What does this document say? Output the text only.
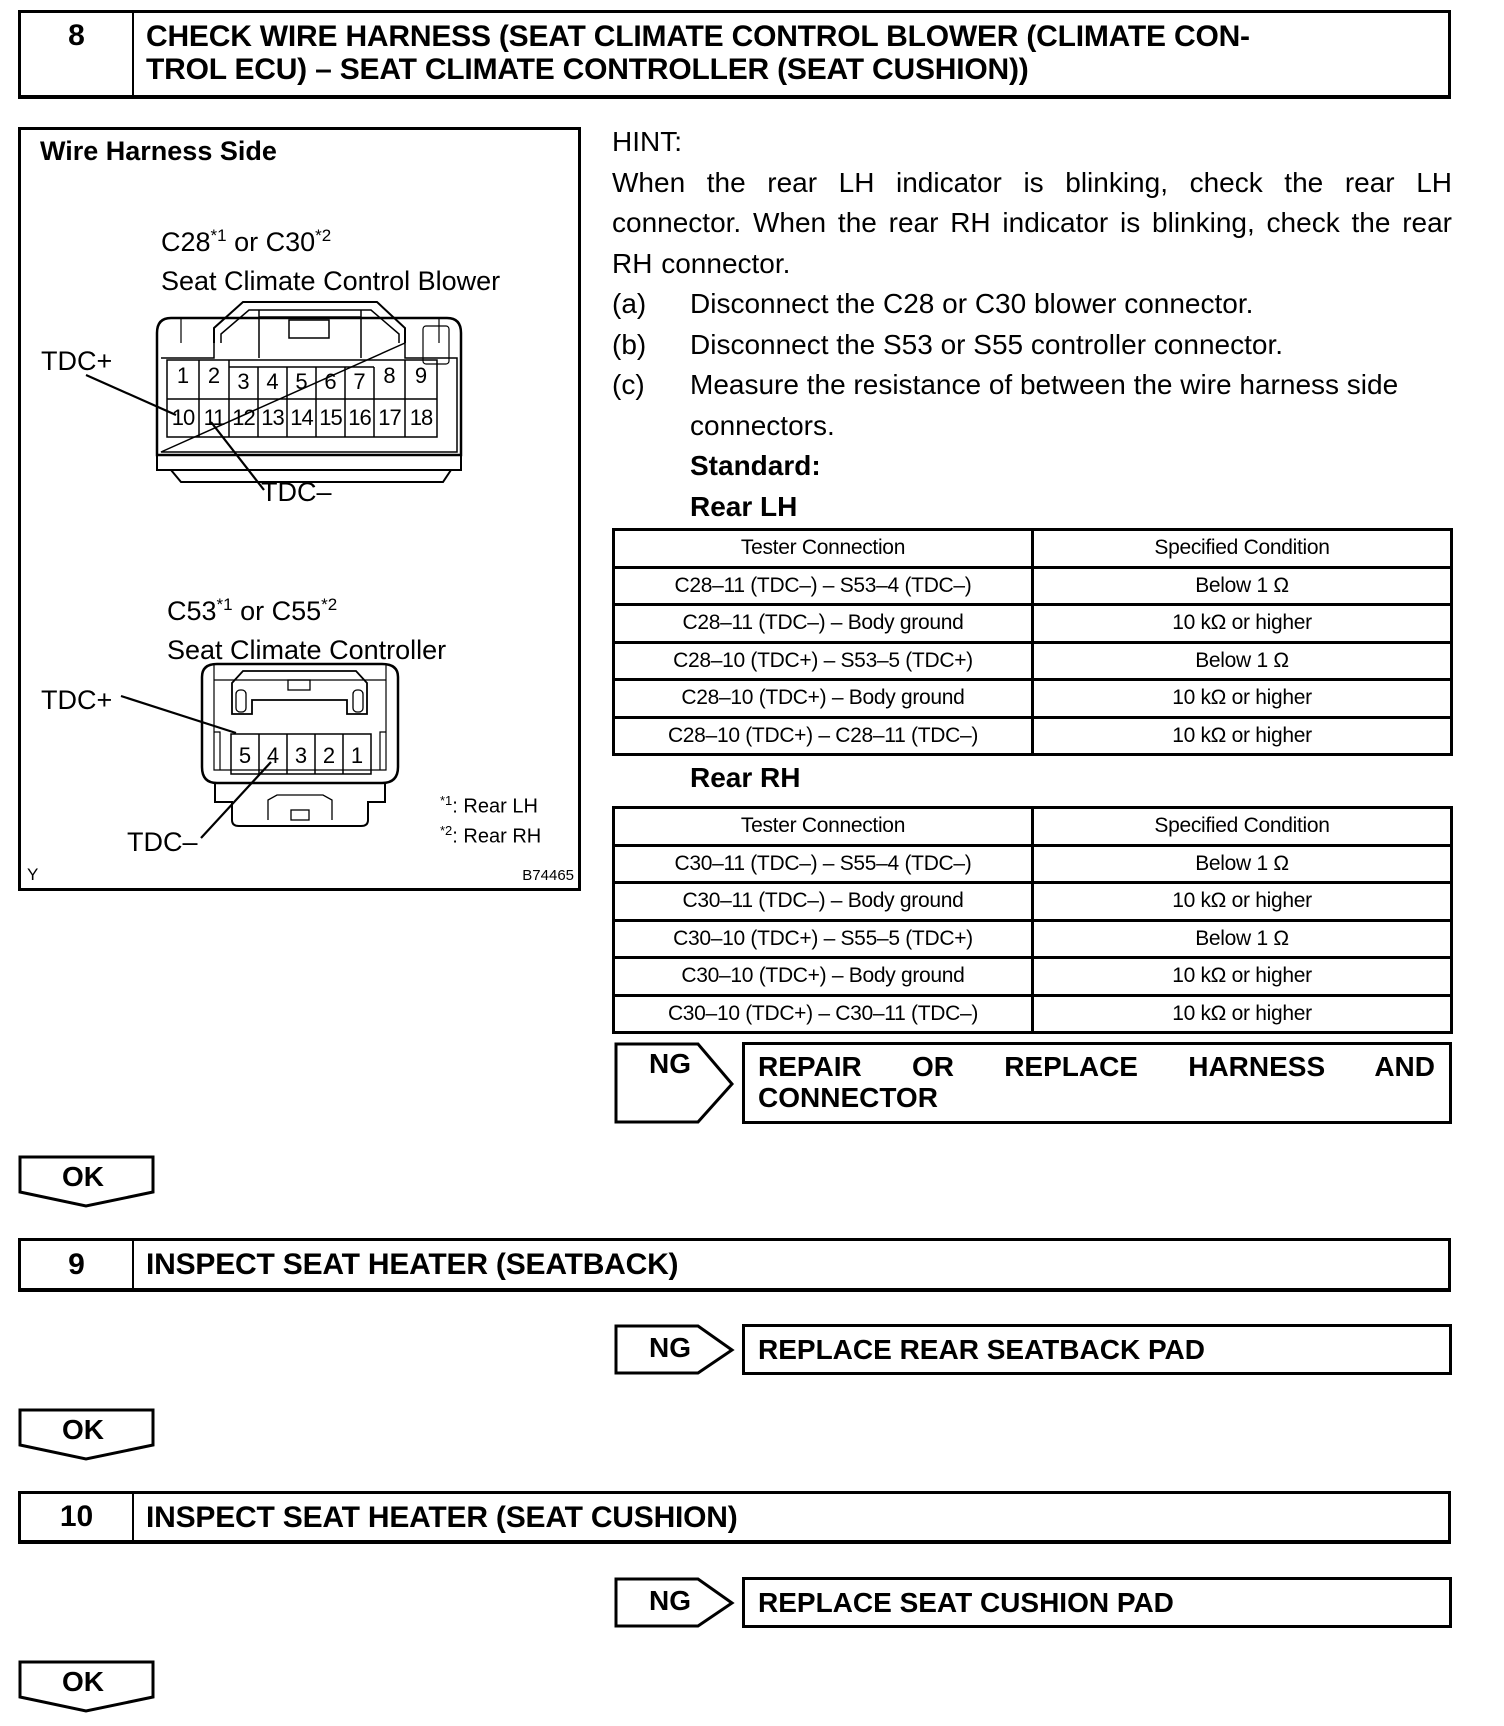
8	CHECK WIRE HARNESS (SEAT CLIMATE CONTROL BLOWER (CLIMATE CON-
TROL ECU) – SEAT CLIMATE CONTROLLER (SEAT CUSHION))
Wire Harness Side
C28$^{*1}$ or C30$^{*2}$
Seat Climate Control Blower
TDC+
TDC–
1 2 3 4 5 6 7 8 9
10 11 12 13 14 15 16 17 18
C53$^{*1}$ or C55$^{*2}$
Seat Climate Controller
TDC+
TDC–
5 4 3 2 1
$^{*1}$: Rear LH
$^{*2}$: Rear RH
Y	B74465
HINT:
When the rear LH indicator is blinking, check the rear LH connector. When the rear RH indicator is blinking, check the rear RH connector.
(a)	Disconnect the C28 or C30 blower connector.
(b)	Disconnect the S53 or S55 controller connector.
(c)	Measure the resistance of between the wire harness side connectors.
Standard:
Rear LH
Tester Connection	Specified Condition
C28–11 (TDC–) – S53–4 (TDC–)	Below 1 Ω
C28–11 (TDC–) – Body ground	10 kΩ or higher
C28–10 (TDC+) – S53–5 (TDC+)	Below 1 Ω
C28–10 (TDC+) – Body ground	10 kΩ or higher
C28–10 (TDC+) – C28–11 (TDC–)	10 kΩ or higher
Rear RH
Tester Connection	Specified Condition
C30–11 (TDC–) – S55–4 (TDC–)	Below 1 Ω
C30–11 (TDC–) – Body ground	10 kΩ or higher
C30–10 (TDC+) – S55–5 (TDC+)	Below 1 Ω
C30–10 (TDC+) – Body ground	10 kΩ or higher
C30–10 (TDC+) – C30–11 (TDC–)	10 kΩ or higher
NG	REPAIR OR REPLACE HARNESS AND CONNECTOR
OK
9	INSPECT SEAT HEATER (SEATBACK)
NG	REPLACE REAR SEATBACK PAD
OK
10	INSPECT SEAT HEATER (SEAT CUSHION)
NG	REPLACE SEAT CUSHION PAD
OK
